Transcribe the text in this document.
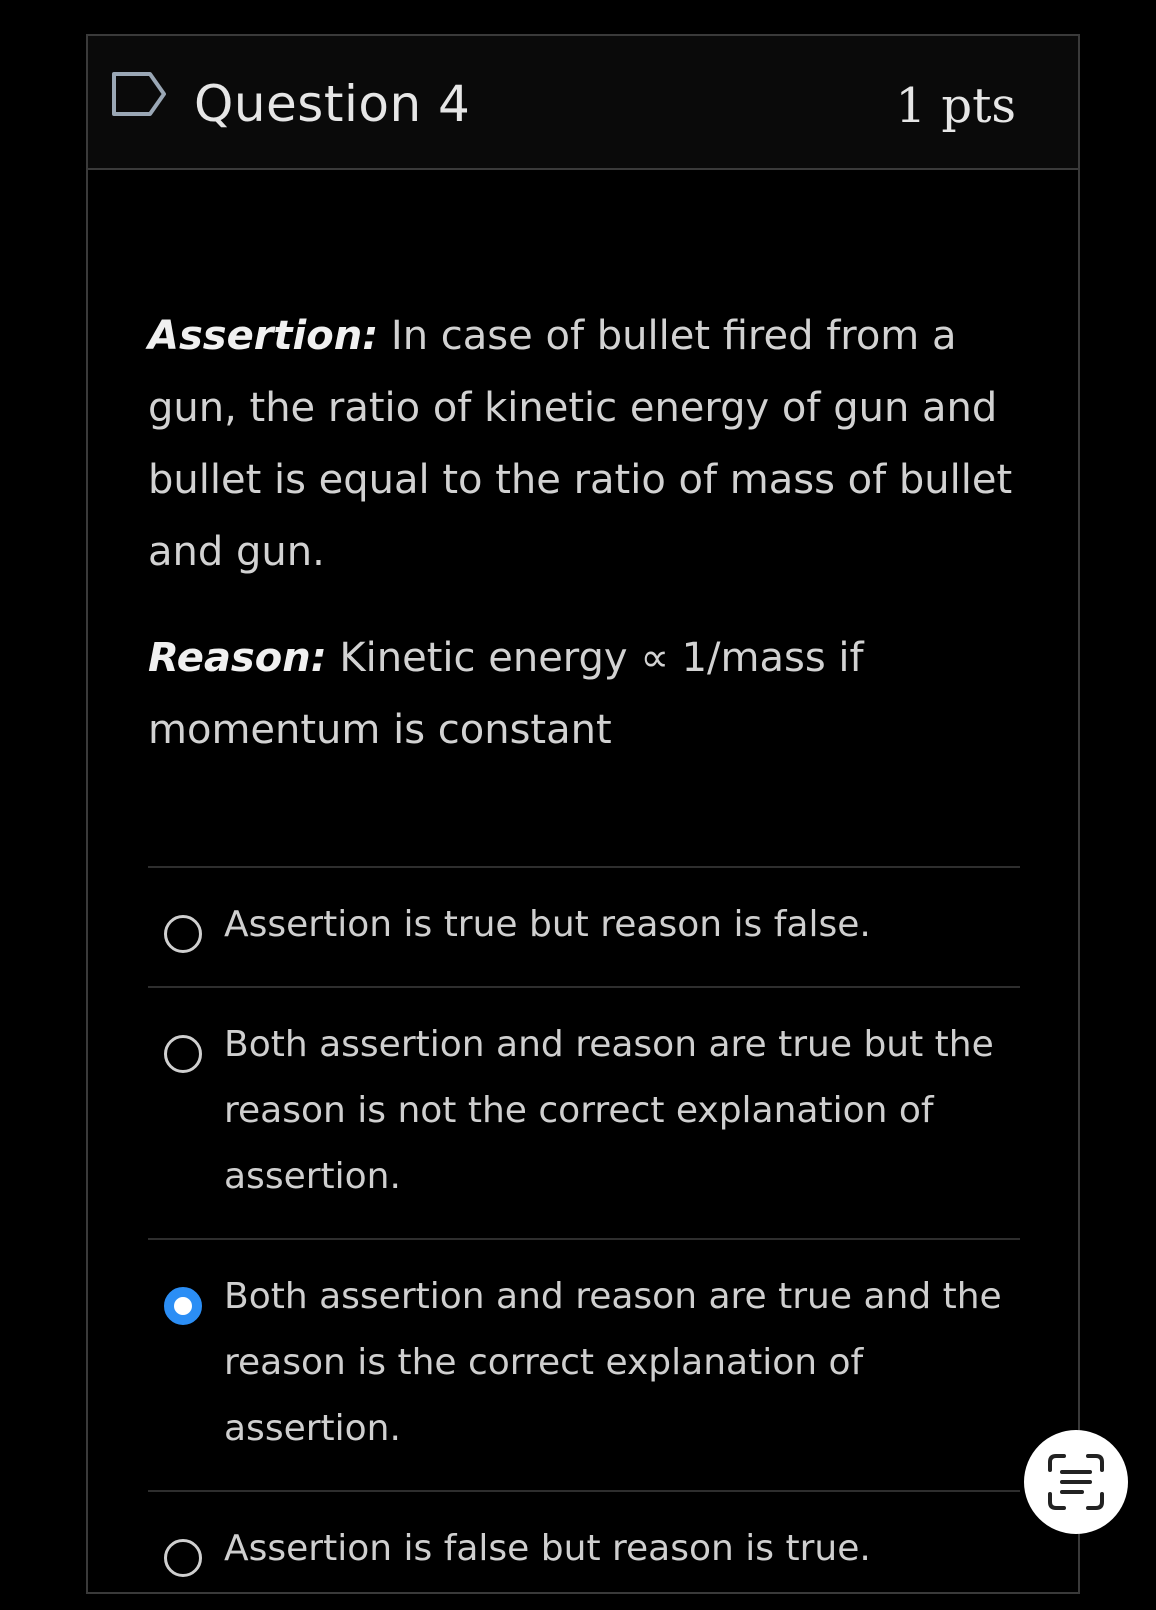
Question 4	1 pts

Assertion: In case of bullet fired from a gun, the ratio of kinetic energy of gun and bullet is equal to the ratio of mass of bullet and gun.

Reason: Kinetic energy ∝ 1/mass if momentum is constant

Assertion is true but reason is false.
Both assertion and reason are true but the reason is not the correct explanation of assertion.
Both assertion and reason are true and the reason is the correct explanation of assertion.
Assertion is false but reason is true.
